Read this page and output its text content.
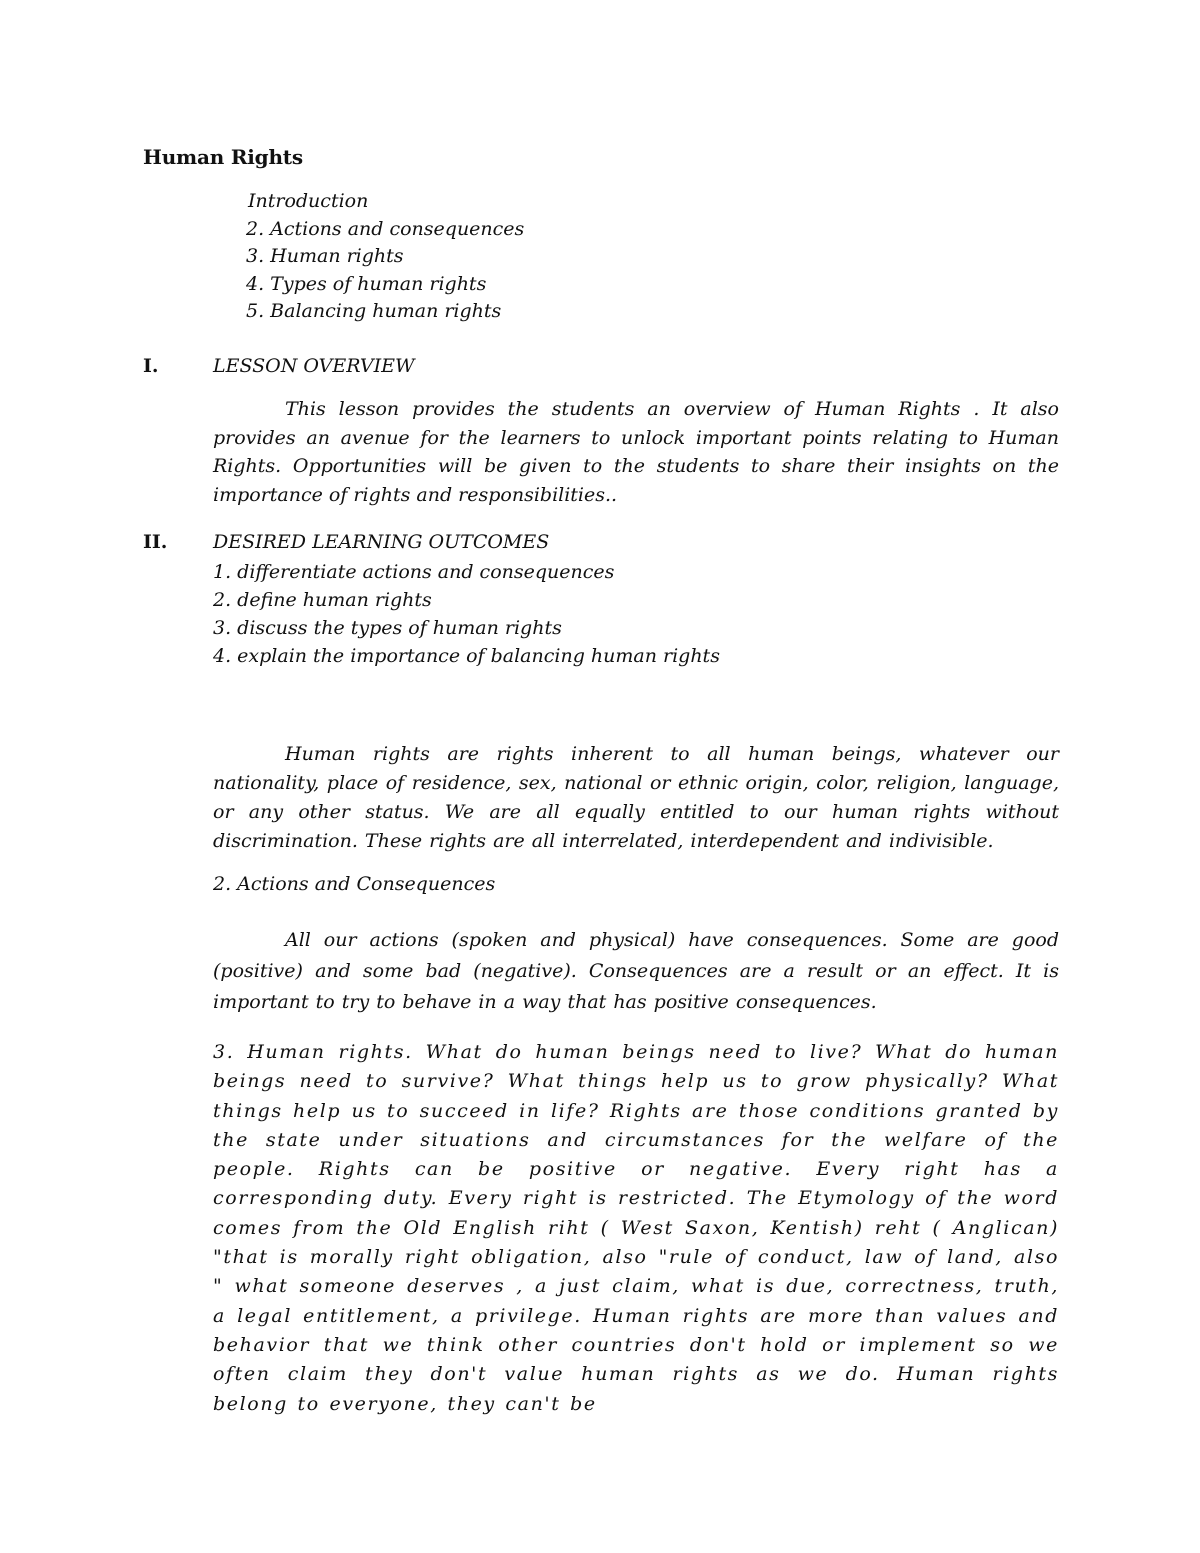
Human Rights
Introduction
2. Actions and consequences
3. Human rights
4. Types of human rights
5. Balancing human rights
I.	LESSON OVERVIEW
This lesson provides the students an overview of Human Rights . It also provides an avenue for the learners to unlock important points relating to Human Rights. Opportunities will be given to the students to share their insights on the importance of rights and responsibilities..
II. DESIRED LEARNING OUTCOMES
1. differentiate actions and consequences
2. define human rights
3. discuss the types of human rights
4. explain the importance of balancing human rights
Human rights are rights inherent to all human beings, whatever our nationality, place of residence, sex, national or ethnic origin, color, religion, language, or any other status. We are all equally entitled to our human rights without discrimination. These rights are all interrelated, interdependent and indivisible.
2. Actions and Consequences
All our actions (spoken and physical) have consequences. Some are good (positive) and some bad (negative). Consequences are a result or an effect. It is important to try to behave in a way that has positive consequences.
3. Human rights. What do human beings need to live? What do human beings need to survive? What things help us to grow physically? What things help us to succeed in life? Rights are those conditions granted by the state under situations and circumstances for the welfare of the people. Rights can be positive or negative. Every right has a corresponding duty. Every right is restricted. The Etymology of the word comes from the Old English riht ( West Saxon, Kentish) reht ( Anglican) "that is morally right obligation, also "rule of conduct, law of land, also " what someone deserves , a just claim, what is due, correctness, truth, a legal entitlement, a privilege. Human rights are more than values and behavior that we think other countries don't hold or implement so we often claim they don't value human rights as we do. Human rights belong to everyone, they can't be
